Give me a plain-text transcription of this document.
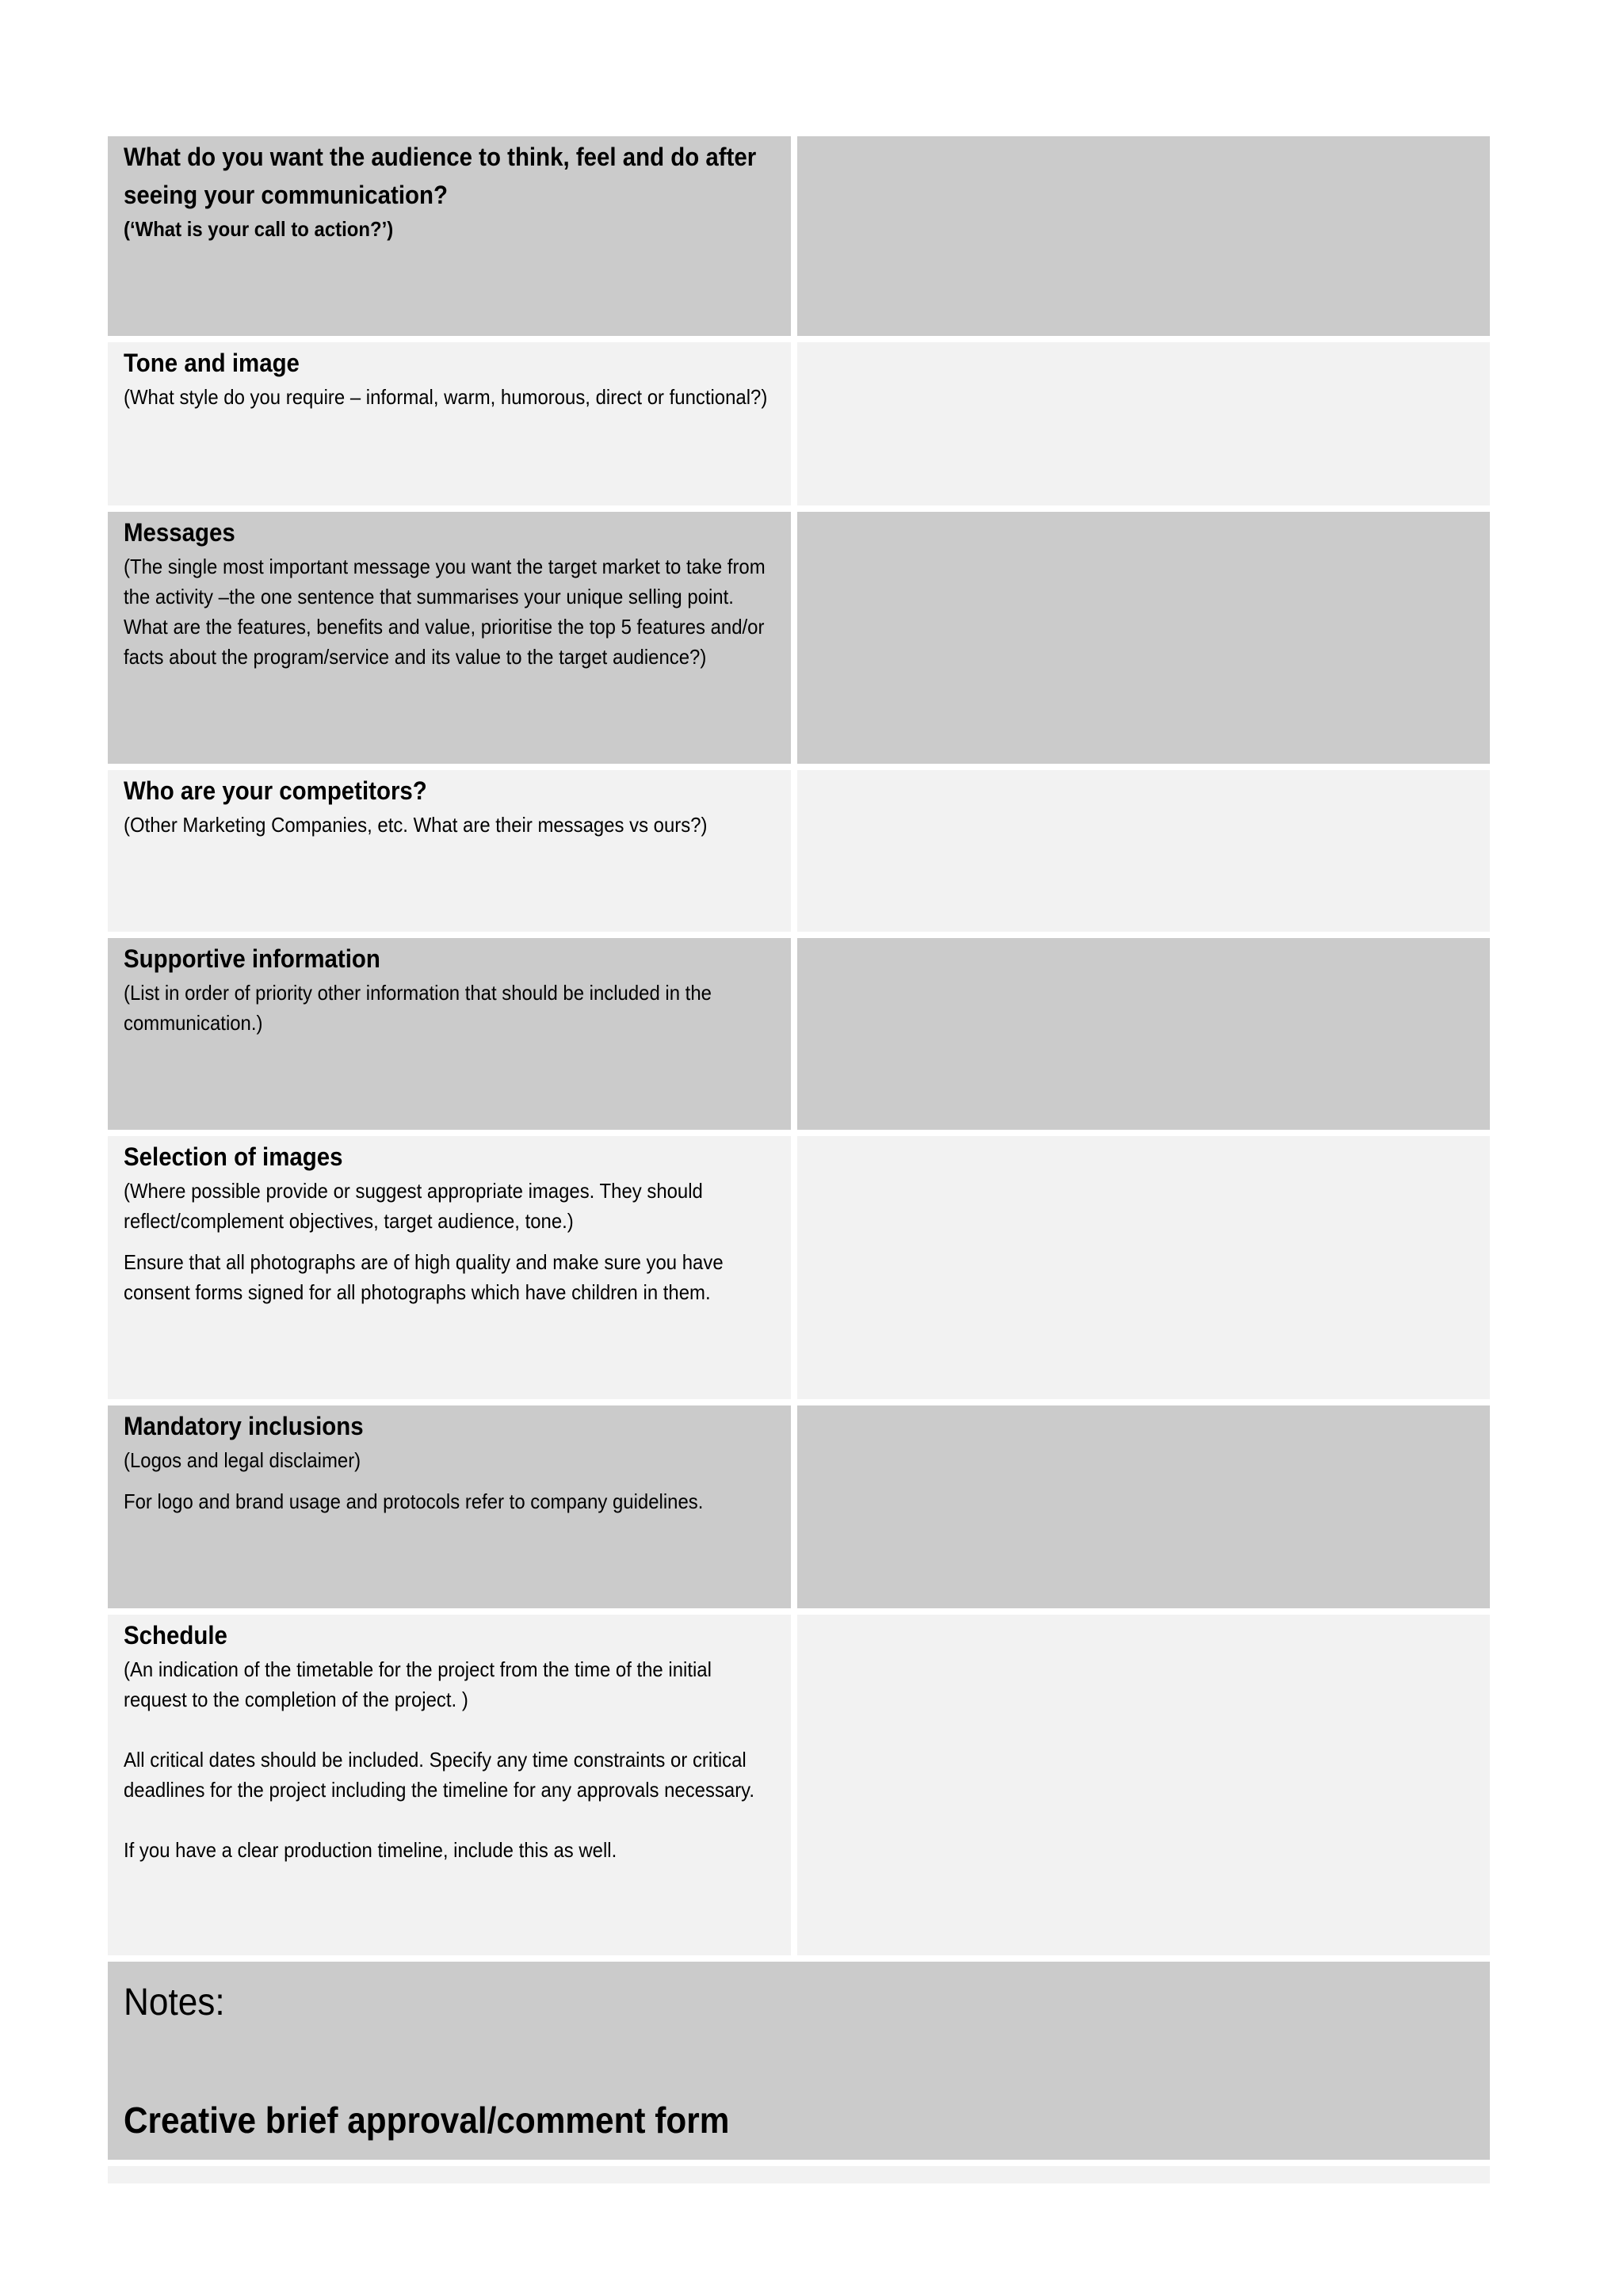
What do you want the audience to think, feel and do after seeing your communication?
(‘What is your call to action?’)
Tone and image
(What style do you require – informal, warm, humorous, direct or functional?)
Messages
(The single most important message you want the target market to take from the activity –the one sentence that summarises your unique selling point. What are the features, benefits and value, prioritise the top 5 features and/or facts about the program/service and its value to the target audience?)
Who are your competitors?
(Other Marketing Companies, etc. What are their messages vs ours?)
Supportive information
(List in order of priority other information that should be included in the communication.)
Selection of images
(Where possible provide or suggest appropriate images. They should reflect/complement objectives, target audience, tone.)
Ensure that all photographs are of high quality and make sure you have consent forms signed for all photographs which have children in them.
Mandatory inclusions
(Logos and legal disclaimer)
For logo and brand usage and protocols refer to company guidelines.
Schedule
(An indication of the timetable for the project from the time of the initial request to the completion of the project. )
All critical dates should be included. Specify any time constraints or critical deadlines for the project including the timeline for any approvals necessary.
If you have a clear production timeline, include this as well.
Notes:
Creative brief approval/comment form
